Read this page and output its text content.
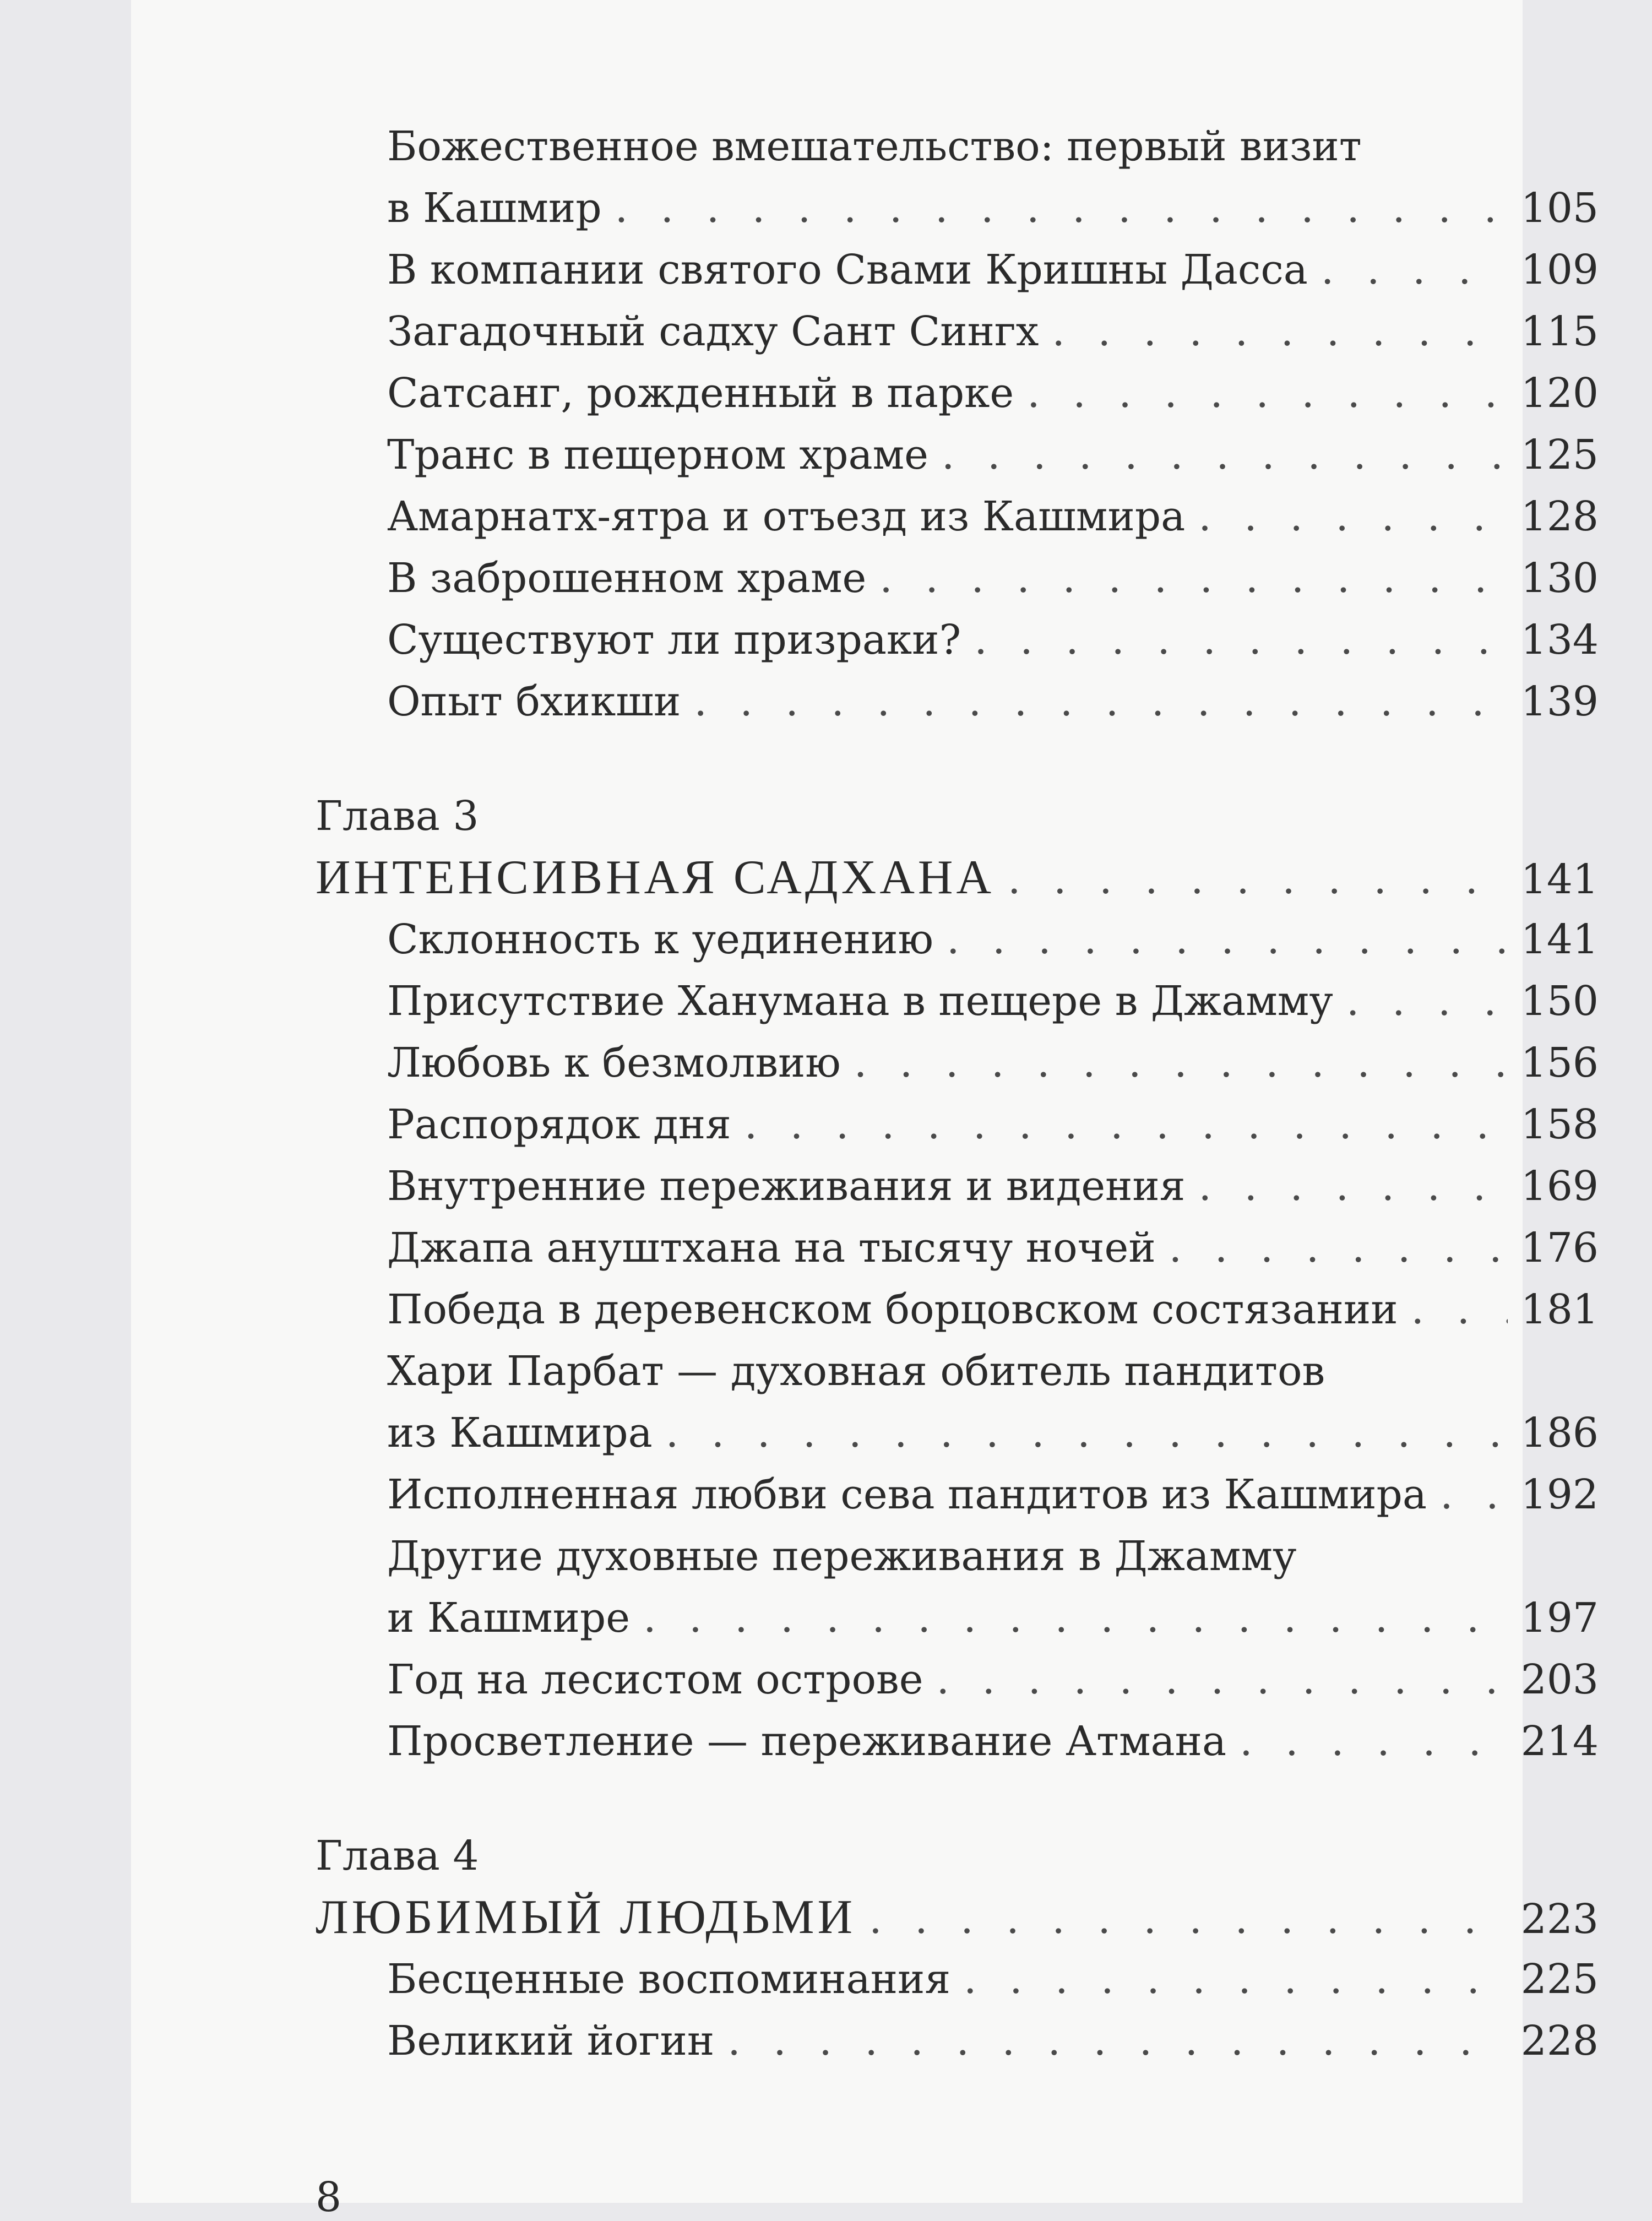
Божественное вмешательство: первый визит
в Кашмир . . .	105
В компании святого Свами Кришны Дасса . . .	109
Загадочный садху Сант Сингх . . .	115
Сатсанг, рожденный в парке . . .	120
Транс в пещерном храме . . .	125
Амарнатх-ятра и отъезд из Кашмира . . .	128
В заброшенном храме . . .	130
Существуют ли призраки? . . .	134
Опыт бхикши . . .	139
Глава 3
ИНТЕНСИВНАЯ САДХАНА . . .	141
Склонность к уединению . . .	141
Присутствие Ханумана в пещере в Джамму . . .	150
Любовь к безмолвию . . .	156
Распорядок дня . . .	158
Внутренние переживания и видения . . .	169
Джапа ануштхана на тысячу ночей . . .	176
Победа в деревенском борцовском состязании . . .	181
Хари Парбат — духовная обитель пандитов
из Кашмира . . .	186
Исполненная любви сева пандитов из Кашмира . . . 192
Другие духовные переживания в Джамму
и Кашмире . . .	197
Год на лесистом острове . . .	203
Просветление — переживание Атмана . . .	214
Глава 4
ЛЮБИМЫЙ ЛЮДЬМИ . . .	223
Бесценные воспоминания . . .	225
Великий йогин . . .	228
8
